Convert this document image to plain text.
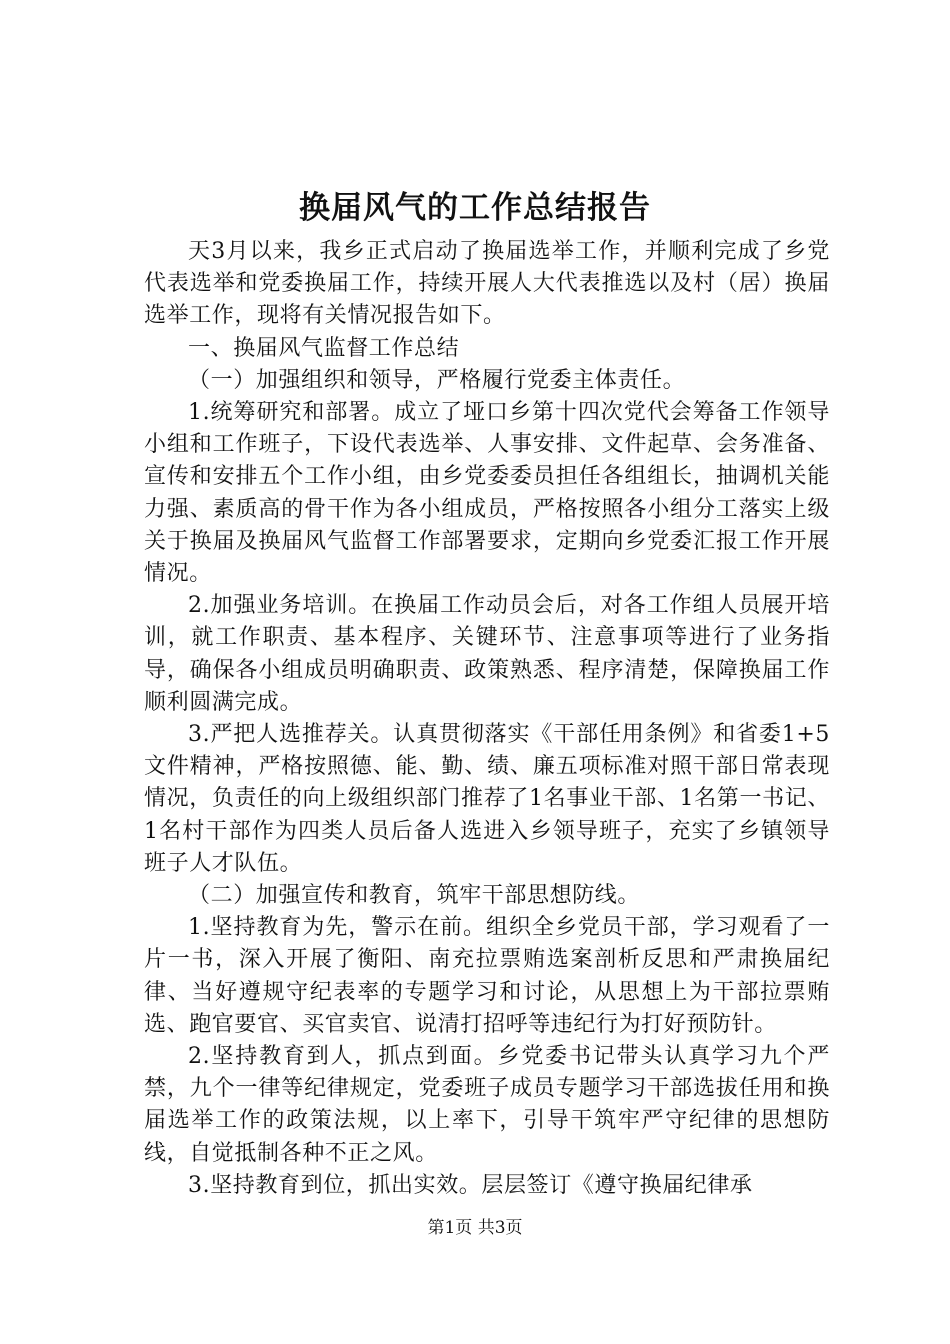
换届风气的工作总结报告

天3月以来，我乡正式启动了换届选举工作，并顺利完成了乡党代表选举和党委换届工作，持续开展人大代表推选以及村（居）换届选举工作，现将有关情况报告如下。

一、换届风气监督工作总结

（一）加强组织和领导，严格履行党委主体责任。

1.统筹研究和部署。成立了垭口乡第十四次党代会筹备工作领导小组和工作班子，下设代表选举、人事安排、文件起草、会务准备、宣传和安排五个工作小组，由乡党委委员担任各组组长，抽调机关能力强、素质高的骨干作为各小组成员，严格按照各小组分工落实上级关于换届及换届风气监督工作部署要求，定期向乡党委汇报工作开展情况。

2.加强业务培训。在换届工作动员会后，对各工作组人员展开培训，就工作职责、基本程序、关键环节、注意事项等进行了业务指导，确保各小组成员明确职责、政策熟悉、程序清楚，保障换届工作顺利圆满完成。

3.严把人选推荐关。认真贯彻落实《干部任用条例》和省委1+5文件精神，严格按照德、能、勤、绩、廉五项标准对照干部日常表现情况，负责任的向上级组织部门推荐了1名事业干部、1名第一书记、1名村干部作为四类人员后备人选进入乡领导班子，充实了乡镇领导班子人才队伍。

（二）加强宣传和教育，筑牢干部思想防线。

1.坚持教育为先，警示在前。组织全乡党员干部，学习观看了一片一书，深入开展了衡阳、南充拉票贿选案剖析反思和严肃换届纪律、当好遵规守纪表率的专题学习和讨论，从思想上为干部拉票贿选、跑官要官、买官卖官、说清打招呼等违纪行为打好预防针。

2.坚持教育到人，抓点到面。乡党委书记带头认真学习九个严禁，九个一律等纪律规定，党委班子成员专题学习干部选拔任用和换届选举工作的政策法规，以上率下，引导干筑牢严守纪律的思想防线，自觉抵制各种不正之风。

3.坚持教育到位，抓出实效。层层签订《遵守换届纪律承

第1页 共3页
